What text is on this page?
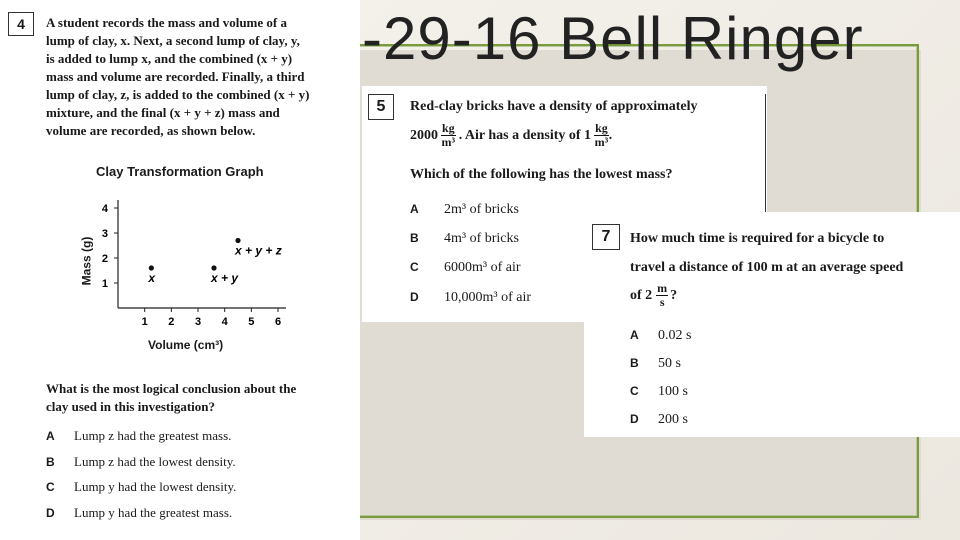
-29-16 Bell Ringer
4	A student records the mass and volume of a
lump of clay, x. Next, a second lump of clay, y,
is added to lump x, and the combined (x + y)
mass and volume are recorded. Finally, a third
lump of clay, z, is added to the combined (x + y)
mixture, and the final (x + y + z) mass and
volume are recorded, as shown below.
Clay Transformation Graph
Mass (g)
Volume (cm³)
1 2 3 4 5 6
1
2
3
4
x	x + y
x + y + z
What is the most logical conclusion about the
clay used in this investigation?
A Lump z had the greatest mass.
B Lump z had the lowest density.
C Lump y had the lowest density.
D Lump y had the greatest mass.
5	Red-clay bricks have a density of approximately
$2000 \frac{kg}{\text{m³}}$ . Air has a density of $1 \frac{kg}{\text{m³}}$ .
Which of the following has the lowest mass?
A 2m³ of bricks
B 4m³ of bricks
C 6000m³ of air
D 10,000m³ of air
7	How much time is required for a bicycle to
travel a distance of 100 m at an average speed
of $2 \frac{m}{s}$ ?
A 0.02 s
B 50 s
C 100 s
D 200 s
